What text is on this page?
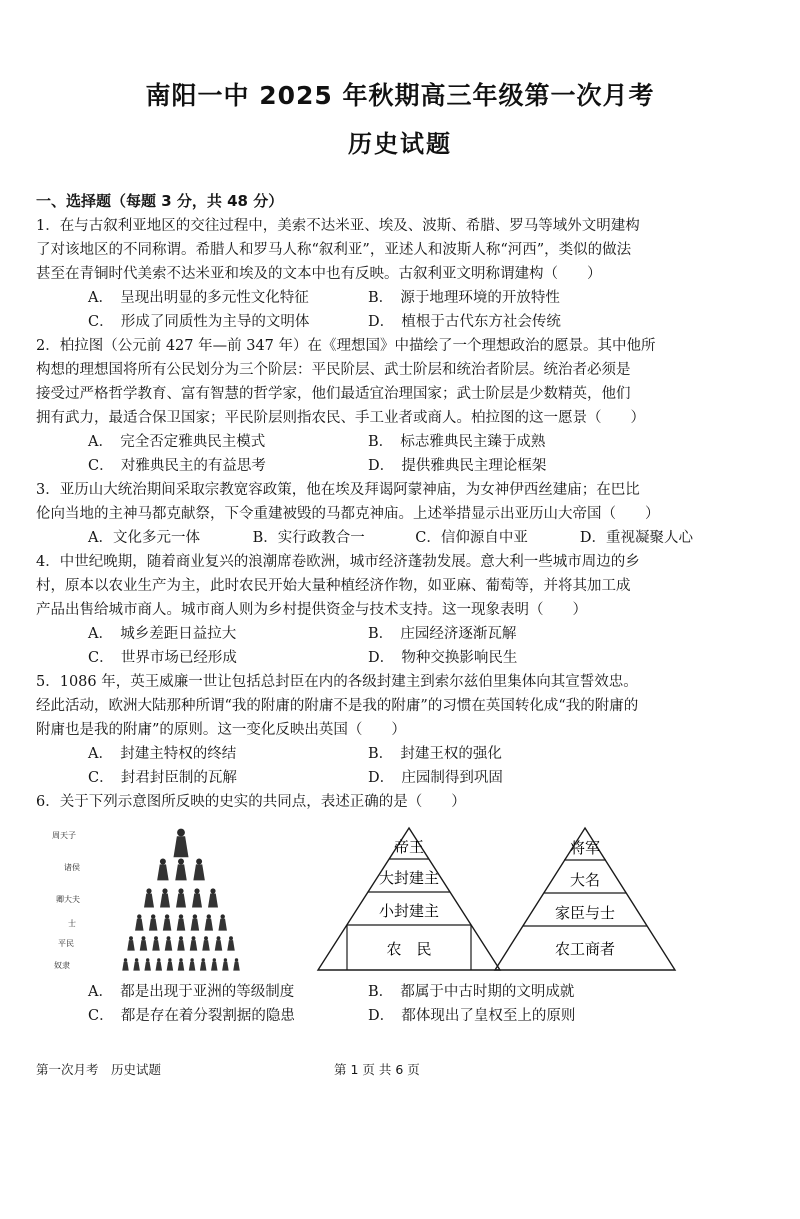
南阳一中 2025 年秋期高三年级第一次月考
历史试题
一、选择题（每题 3 分，共 48 分）
1．在与古叙利亚地区的交往过程中，美索不达米亚、埃及、波斯、希腊、罗马等域外文明建构
了对该地区的不同称谓。希腊人和罗马人称“叙利亚”，亚述人和波斯人称“河西”，类似的做法
甚至在青铜时代美索不达米亚和埃及的文本中也有反映。古叙利亚文明称谓建构（　　）
A．　呈现出明显的多元性文化特征	B．　源于地理环境的开放特性
C．　形成了同质性为主导的文明体	D．　植根于古代东方社会传统
2．柏拉图（公元前 427 年—前 347 年）在《理想国》中描绘了一个理想政治的愿景。其中他所
构想的理想国将所有公民划分为三个阶层：平民阶层、武士阶层和统治者阶层。统治者必须是
接受过严格哲学教育、富有智慧的哲学家，他们最适宜治理国家；武士阶层是少数精英，他们
拥有武力，最适合保卫国家；平民阶层则指农民、手工业者或商人。柏拉图的这一愿景（　　）
A．　完全否定雅典民主模式	B．　标志雅典民主臻于成熟
C．　对雅典民主的有益思考	D．　提供雅典民主理论框架
3．亚历山大统治期间采取宗教宽容政策，他在埃及拜谒阿蒙神庙，为女神伊西丝建庙；在巴比
伦向当地的主神马都克献祭，下令重建被毁的马都克神庙。上述举措显示出亚历山大帝国（　　）
A．文化多元一体	B．实行政教合一	C．信仰源自中亚	D．重视凝聚人心
4．中世纪晚期，随着商业复兴的浪潮席卷欧洲，城市经济蓬勃发展。意大利一些城市周边的乡
村，原本以农业生产为主，此时农民开始大量种植经济作物，如亚麻、葡萄等，并将其加工成
产品出售给城市商人。城市商人则为乡村提供资金与技术支持。这一现象表明（　　）
A．　城乡差距日益拉大	B．　庄园经济逐渐瓦解
C．　世界市场已经形成	D．　物种交换影响民生
5．1086 年，英王威廉一世让包括总封臣在内的各级封建主到索尔兹伯里集体向其宣誓效忠。
经此活动，欧洲大陆那种所谓“我的附庸的附庸不是我的附庸”的习惯在英国转化成“我的附庸的
附庸也是我的附庸”的原则。这一变化反映出英国（　　）
A．　封建主特权的终结	B．　封建王权的强化
C．　封君封臣制的瓦解	D．　庄园制得到巩固
6．关于下列示意图所反映的史实的共同点，表述正确的是（　　）
周天子
诸侯
卿大夫
士
平民
奴隶
帝王
大封建主
小封建主
农　民
将军
大名
家臣与士
农工商者
A．　都是出现于亚洲的等级制度	B．　都属于中古时期的文明成就
C．　都是存在着分裂割据的隐患	D．　都体现出了皇权至上的原则
第一次月考　历史试题	第 1 页 共 6 页
